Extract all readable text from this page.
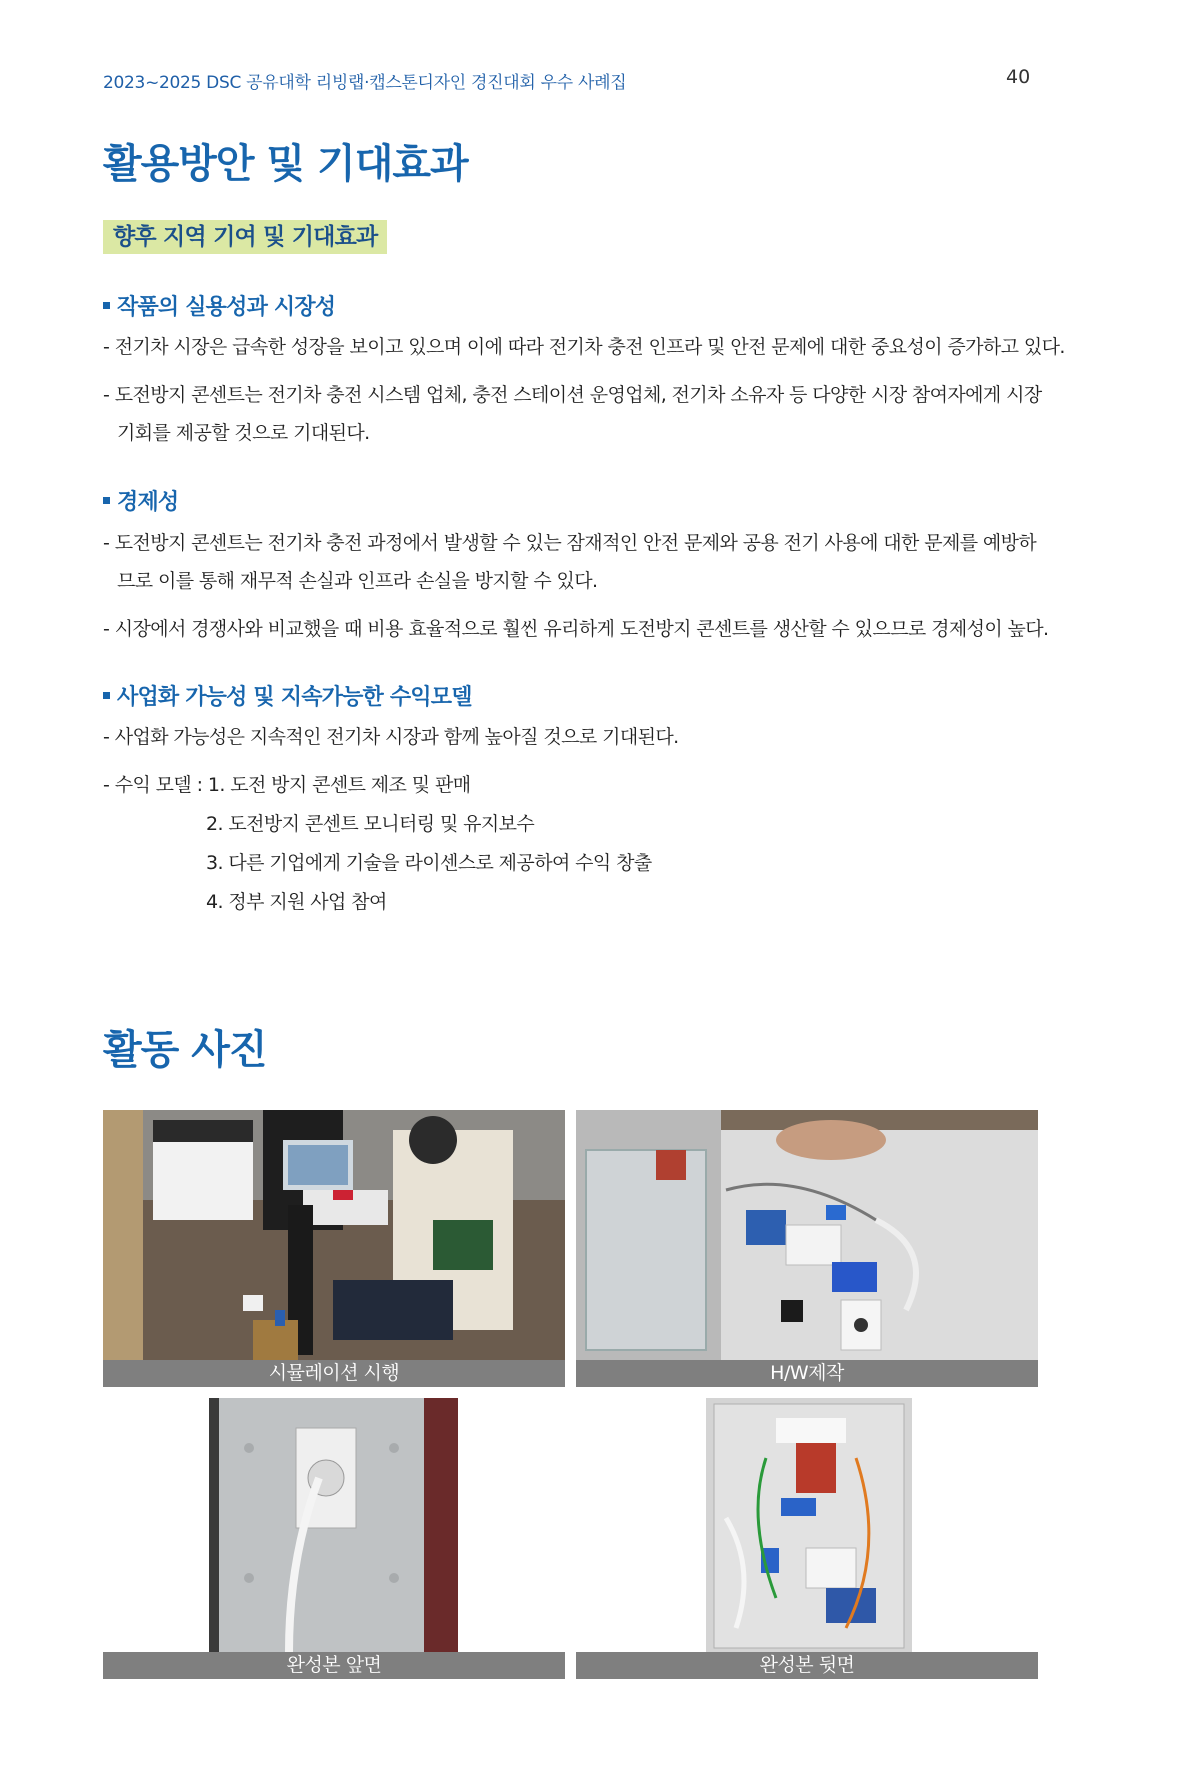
2023~2025 DSC 공유대학 리빙랩·캡스톤디자인 경진대회 우수 사례집	40
활용방안 및 기대효과
향후 지역 기여 및 기대효과
작품의 실용성과 시장성
- 전기차 시장은 급속한 성장을 보이고 있으며 이에 따라 전기차 충전 인프라 및 안전 문제에 대한 중요성이 증가하고 있다.
- 도전방지 콘센트는 전기차 충전 시스템 업체, 충전 스테이션 운영업체, 전기차 소유자 등 다양한 시장 참여자에게 시장
기회를 제공할 것으로 기대된다.
경제성
- 도전방지 콘센트는 전기차 충전 과정에서 발생할 수 있는 잠재적인 안전 문제와 공용 전기 사용에 대한 문제를 예방하
므로 이를 통해 재무적 손실과 인프라 손실을 방지할 수 있다.
- 시장에서 경쟁사와 비교했을 때 비용 효율적으로 훨씬 유리하게 도전방지 콘센트를 생산할 수 있으므로 경제성이 높다.
사업화 가능성 및 지속가능한 수익모델
- 사업화 가능성은 지속적인 전기차 시장과 함께 높아질 것으로 기대된다.
- 수익 모델 : 1. 도전 방지 콘센트 제조 및 판매
2. 도전방지 콘센트 모니터링 및 유지보수
3. 다른 기업에게 기술을 라이센스로 제공하여 수익 창출
4. 정부 지원 사업 참여
활동 사진
시뮬레이션 시행	H/W제작
완성본 앞면	완성본 뒷면
